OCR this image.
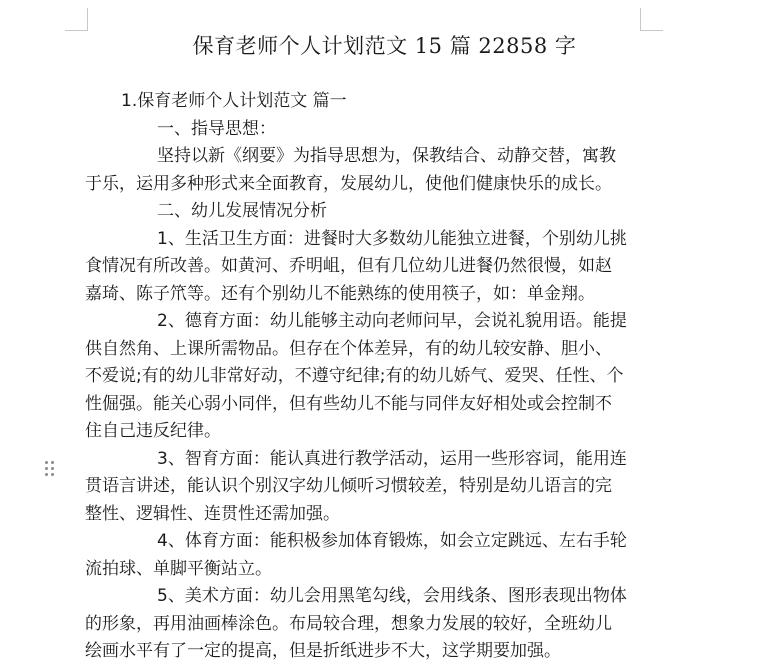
保育老师个人计划范文 15 篇 22858 字

1.保育老师个人计划范文 篇一

一、指导思想：

坚持以新《纲要》为指导思想为，保教结合、动静交替，寓教

于乐，运用多种形式来全面教育，发展幼儿，使他们健康快乐的成长。

二、幼儿发展情况分析

1、生活卫生方面：进餐时大多数幼儿能独立进餐，个别幼儿挑

食情况有所改善。如黄河、乔明岨，但有几位幼儿进餐仍然很慢，如赵

嘉琦、陈子笊等。还有个别幼儿不能熟练的使用筷子，如：单金翔。

2、德育方面：幼儿能够主动向老师问早，会说礼貌用语。能提

供自然角、上课所需物品。但存在个体差异，有的幼儿较安静、胆小、

不爱说;有的幼儿非常好动，不遵守纪律;有的幼儿娇气、爱哭、任性、个

性倔强。能关心弱小同伴，但有些幼儿不能与同伴友好相处或会控制不

住自己违反纪律。

3、智育方面：能认真进行教学活动，运用一些形容词，能用连

贯语言讲述，能认识个别汉字幼儿倾听习惯较差，特别是幼儿语言的完

整性、逻辑性、连贯性还需加强。

4、体育方面：能积极参加体育锻炼，如会立定跳远、左右手轮

流拍球、单脚平衡站立。

5、美术方面：幼儿会用黑笔勾线，会用线条、图形表现出物体

的形象，再用油画棒涂色。布局较合理，想象力发展的较好，全班幼儿

绘画水平有了一定的提高，但是折纸进步不大，这学期要加强。
